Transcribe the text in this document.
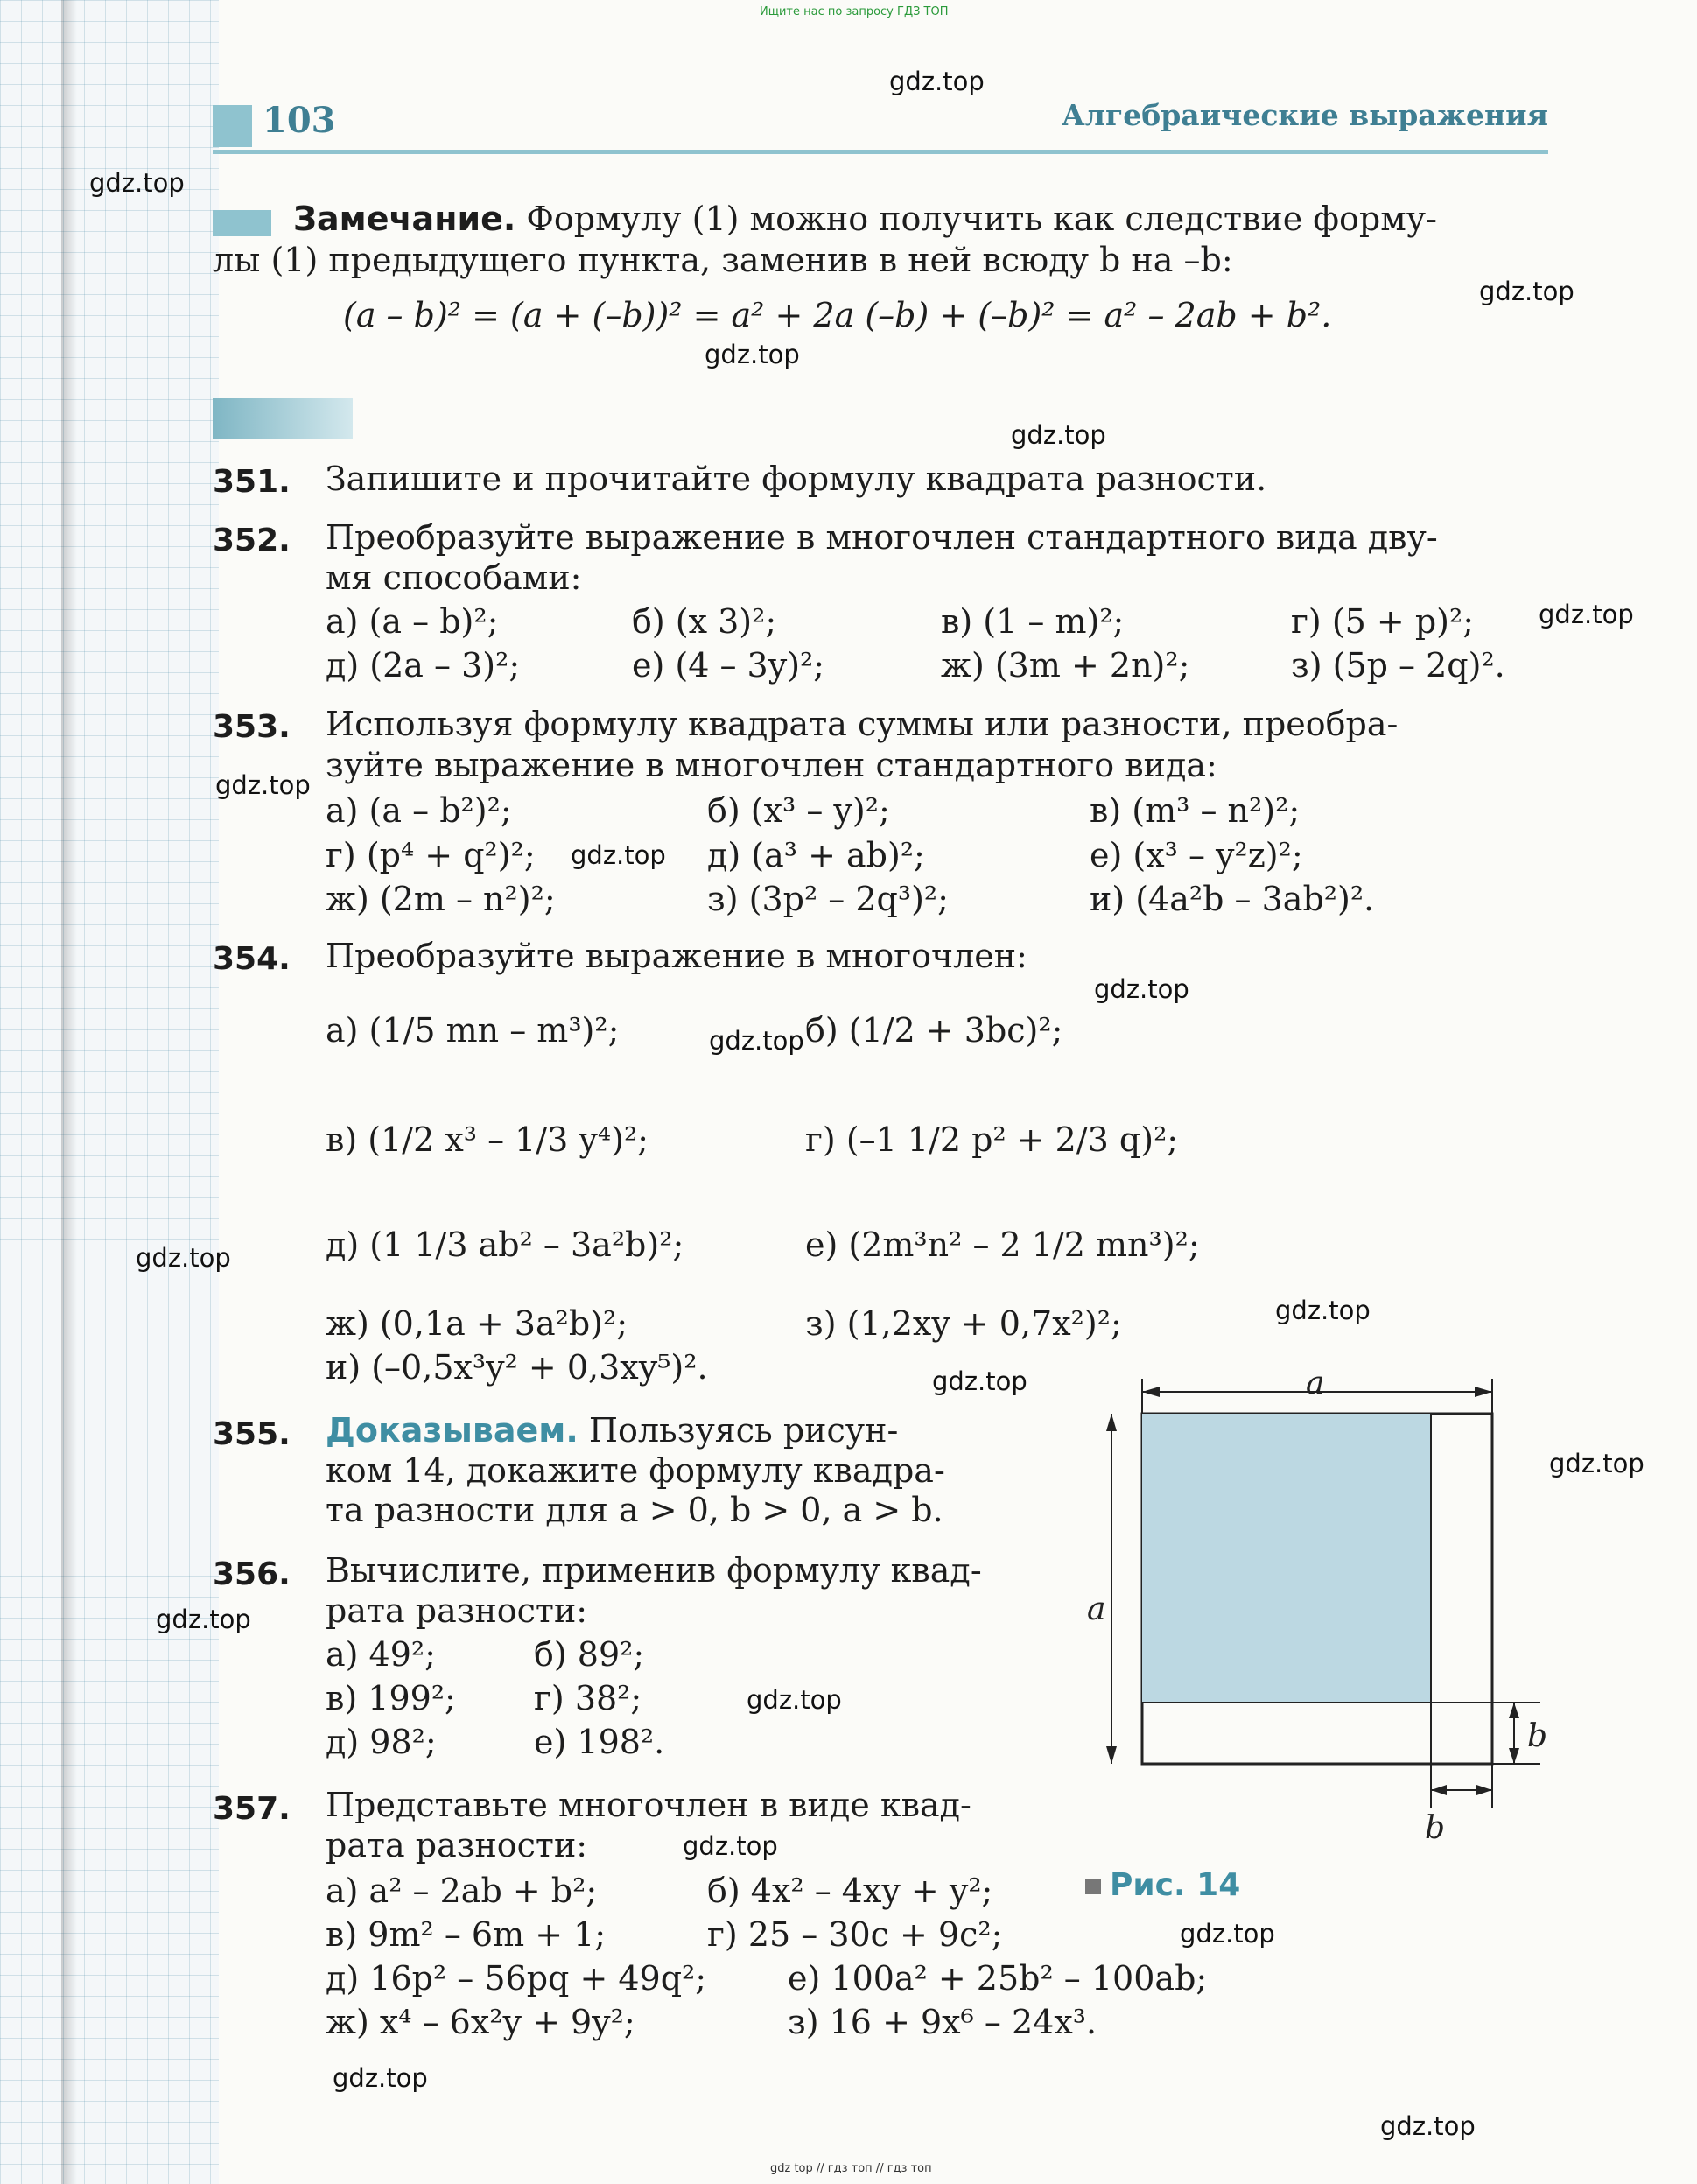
Ищите нас по запросу ГДЗ ТОП
103	Алгебраические выражения
Замечание. Формулу (1) можно получить как следствие форму-
лы (1) предыдущего пункта, заменив в ней всюду b на –b:
(a – b)² = (a + (–b))² = a² + 2a (–b) + (–b)² = a² – 2ab + b².
351. Запишите и прочитайте формулу квадрата разности.
352. Преобразуйте выражение в многочлен стандартного вида дву-
мя способами:
а) (a – b)²;	б) (x 3)²;	в) (1 – m)²;	г) (5 + p)²;
д) (2a – 3)²;	е) (4 – 3y)²;	ж) (3m + 2n)²;	з) (5p – 2q)².
353. Используя формулу квадрата суммы или разности, преобра-
зуйте выражение в многочлен стандартного вида:
а) (a – b²)²;	б) (x³ – y)²;	в) (m³ – n²)²;
г) (p⁴ + q²)²;	д) (a³ + ab)²;	е) (x³ – y²z)²;
ж) (2m – n²)²;	з) (3p² – 2q³)²;	и) (4a²b – 3ab²)².
354. Преобразуйте выражение в многочлен:
а) (1/5 mn – m³)²;	б) (1/2 + 3bc)²;
в) (1/2 x³ – 1/3 y⁴)²;	г) (–1 1/2 p² + 2/3 q)²;
д) (1 1/3 ab² – 3a²b)²;	е) (2m³n² – 2 1/2 mn³)²;
ж) (0,1a + 3a²b)²;	з) (1,2xy + 0,7x²)²;
и) (–0,5x³y² + 0,3xy⁵)².
355. Доказываем. Пользуясь рисун-
ком 14, докажите формулу квадра-
та разности для a > 0, b > 0, a > b.
356. Вычислите, применив формулу квад-
рата разности:
а) 49²;	б) 89²;
в) 199²; г) 38²;
д) 98²;	е) 198².
357. Представьте многочлен в виде квад-
рата разности:
а) a² – 2ab + b²;	б) 4x² – 4xy + y²;
в) 9m² – 6m + 1;	г) 25 – 30c + 9c²;
д) 16p² – 56pq + 49q²; е) 100a² + 25b² – 100ab;
ж) x⁴ – 6x²y + 9y²;	з) 16 + 9x⁶ – 24x³.
a
a
b
b
Рис. 14
gdz.top
gdz.top
gdz.top
gdz.top
gdz.top
gdz.top
gdz.top
gdz.top
gdz.top
gdz.top
gdz.top
gdz.top
gdz.top
gdz.top
gdz.top
gdz.top
gdz.top
gdz.top
gdz.top
gdz.top
gdz top // гдз топ // гдз топ
